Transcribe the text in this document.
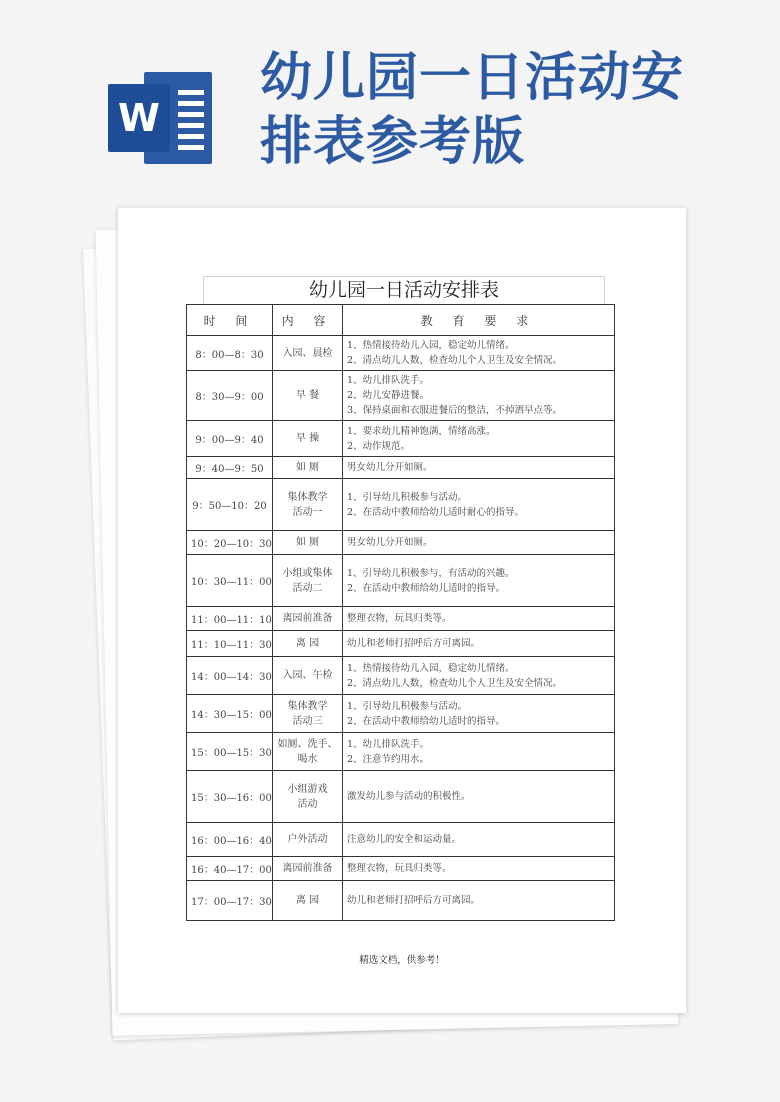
W
幼儿园一日活动安排表参考版
幼儿园一日活动安排表
时 间	内 容	教 育 要 求
8：00—8：30	入园、晨检	1、热情接待幼儿入园，稳定幼儿情绪。
2、清点幼儿人数，检查幼儿个人卫生及安全情况。

8：30—9：00	早 餐	1、幼儿排队洗手。
2、幼儿安静进餐。
3、保持桌面和衣服进餐后的整洁，不掉洒早点等。

9：00—9：40	早 操	1、要求幼儿精神饱满，情绪高涨。
2、动作规范。

9：40—9：50	如 厕	男女幼儿分开如厕。

9：50—10：20	集体教学
活动一	1、引导幼儿积极参与活动。
2、在活动中教师给幼儿适时耐心的指导。

10：20—10：30	如 厕	男女幼儿分开如厕。

10：30—11：00	小组或集体
活动二	1、引导幼儿积极参与，有活动的兴趣。
2、在活动中教师给幼儿适时的指导。

11：00—11：10	离园前准备	整理衣物，玩具归类等。

11：10—11：30	离 园	幼儿和老师打招呼后方可离园。

14：00—14：30	入园、午检	1、热情接待幼儿入园，稳定幼儿情绪。
2、清点幼儿人数，检查幼儿个人卫生及安全情况。

14：30—15：00	集体教学
活动三	1、引导幼儿积极参与活动。
2、在活动中教师给幼儿适时的指导。

15：00—15：30	如厕、洗手、
喝水	1、幼儿排队洗手。
2、注意节约用水。

15：30—16：00	小组游戏
活动	激发幼儿参与活动的积极性。

16：00—16：40	户外活动	注意幼儿的安全和运动量。

16：40—17：00	离园前准备	整理衣物，玩具归类等。

17：00—17：30	离 园	幼儿和老师打招呼后方可离园。
精选文档，供参考！
